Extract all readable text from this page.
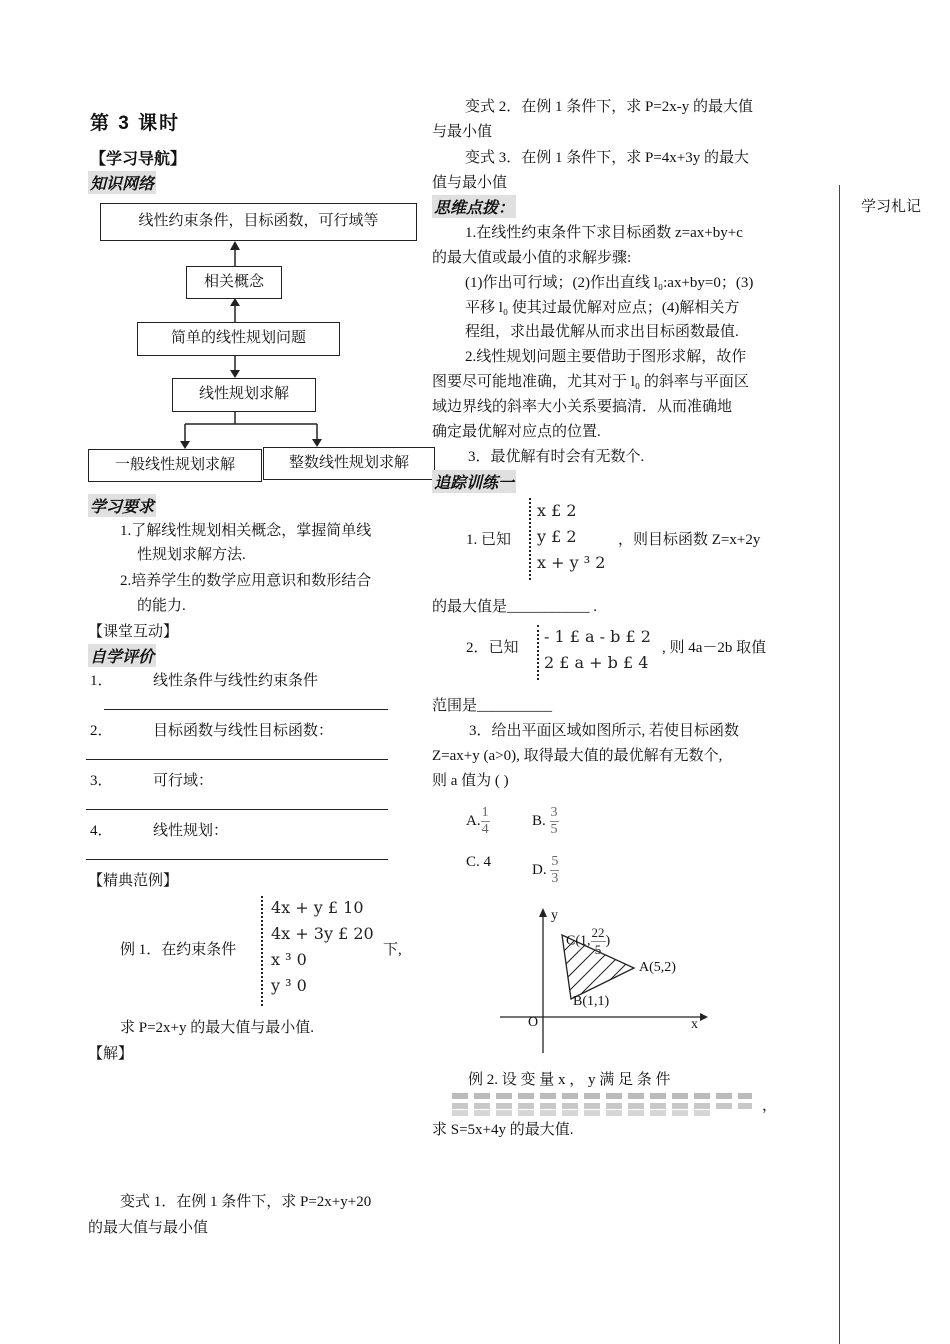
第 3 课时
【学习导航】
知识网络
线性约束条件，目标函数，可行域等
相关概念
简单的线性规划问题
线性规划求解
一般线性规划求解	整数线性规划求解
学习要求
1.了解线性规划相关概念，掌握简单线
性规划求解方法.
2.培养学生的数学应用意识和数形结合
的能力.
【课堂互动】
自学评价
1．	线性条件与线性约束条件
2．	目标函数与线性目标函数：
3．	可行域：
4．	线性规划：
【精典范例】
例 1．在约束条件
4x + y £ 10
4x + 3y £ 20
x ³ 0
y ³ 0
下,
求 P=2x+y 的最大值与最小值.
【解】
变式 1．在例 1 条件下，求 P=2x+y+20
的最大值与最小值
变式 2．在例 1 条件下，求 P=2x-y 的最大值
与最小值
变式 3．在例 1 条件下，求 P=4x+3y 的最大
值与最小值
思维点拨：
1.在线性约束条件下求目标函数 z=ax+by+c
的最大值或最小值的求解步骤:
(1)作出可行域；(2)作出直线 l₀:ax+by=0；(3)
平移 l₀ 使其过最优解对应点；(4)解相关方
程组，求出最优解从而求出目标函数最值.
2.线性规划问题主要借助于图形求解，故作
图要尽可能地准确，尤其对于 l₀ 的斜率与平面区
域边界线的斜率大小关系要搞清．从而准确地
确定最优解对应点的位置.
3．最优解有时会有无数个.
追踪训练一
1. 已知
x £ 2
y £ 2
x + y ³ 2
，则目标函数 Z=x+2y
的最大值是___________ .
2．已知
- 1 £ a - b £ 2
2 £ a + b £ 4
, 则 4a－2b 取值
范围是__________
3．给出平面区域如图所示, 若使目标函数
Z=ax+y (a>0), 取得最大值的最优解有无数个,
则 a 值为 ( )
A. $\frac{1}{4}$	B. $\frac{3}{5}$
C. 4	D. $\frac{5}{3}$
y
x
O
C(1, $\frac{22}{5}$ )
A(5,2)
B(1,1)
例 2. 设 变 量 x ， y 满 足 条 件
，
求 S=5x+4y 的最大值.
学习札记
